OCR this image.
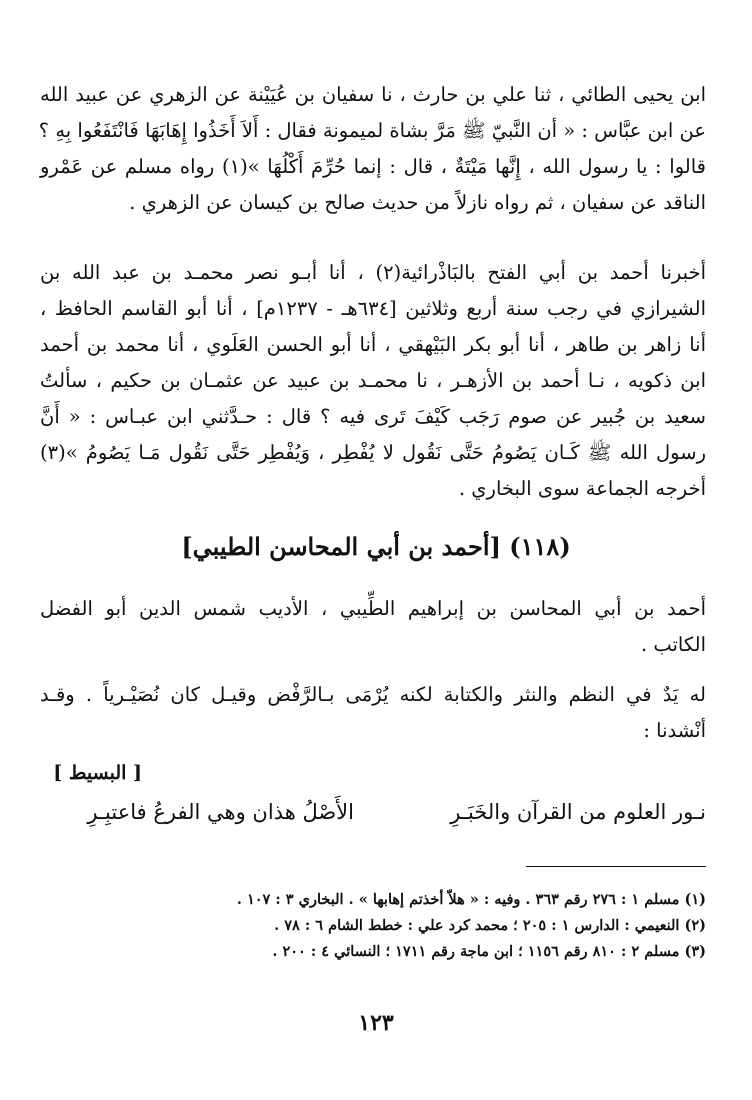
ابن يحيى الطائي ، ثنا علي بن حارث ، نا سفيان بن عُيَيْنة عن الزهري عن عبيد الله
عن ابن عبَّاس : « أن النَّبيّ ﷺ مَرَّ بشاة لميمونة فقال : أَلاَ أَخَذُوا إِهَابَهَا فَانْتَفَعُوا بِهِ ؟
قالوا : يا رسول الله ، إِنَّها مَيْتَةٌ ، قال : إنما حُرِّمَ أَكْلُهَا »(١) رواه مسلم عن عَمْرو
الناقد عن سفيان ، ثم رواه نازلاً من حديث صالح بن كيسان عن الزهري .
أخبرنا أحمد بن أبي الفتح بالبَاذْرائية(٢) ، أنا أبـو نصر محمـد بن عبد الله بن
الشيرازي في رجب سنة أربع وثلاثين [٦٣٤هـ - ١٢٣٧م] ، أنا أبو القاسم الحافظ ،
أنا زاهر بن طاهر ، أنا أبو بكر البَيْهقي ، أنا أبو الحسن العَلَوي ، أنا محمد بن أحمد
ابن ذكويه ، نـا أحمد بن الأزهـر ، نا محمـد بن عبيد عن عثمـان بن حكيم ، سألتُ
سعيد بن جُبير عن صوم رَجَب كَيْفَ تَرى فيه ؟ قال : حـدَّثني ابن عبـاس : « أَنَّ
رسول الله ﷺ كَـان يَصُومُ حَتَّى نَقُول لا يُفْطِر ، وَيُفْطِر حَتَّى نَقُول مَـا يَصُومُ »(٣)
أخرجه الجماعة سوى البخاري .
(١١٨) [أحمد بن أبي المحاسن الطيبي]
أحمد بن أبي المحاسن بن إبراهيم الطِّيبي ، الأديب شمس الدين أبو الفضل
الكاتب .
له يَدٌ في النظم والنثر والكتابة لكنه يُرْمَى بـالرَّفْض وقيـل كان نُصَيْـرياً . وقـد
أنْشدنا :
[ البسيط ]
نـور العلوم من القرآن والخَبَـرِ
الأَصْلُ هذان وهي الفرعُ فاعتبِـرِ
(١) مسلم ١ : ٢٧٦ رقم ٣٦٣ . وفيه : « هلاّ أخذتم إهابها » . البخاري ٣ : ١٠٧ .
(٢) النعيمي : الدارس ١ : ٢٠٥ ؛ محمد كرد علي : خطط الشام ٦ : ٧٨ .
(٣) مسلم ٢ : ٨١٠ رقم ١١٥٦ ؛ ابن ماجة رقم ١٧١١ ؛ النسائي ٤ : ٢٠٠ .
١٢٣
